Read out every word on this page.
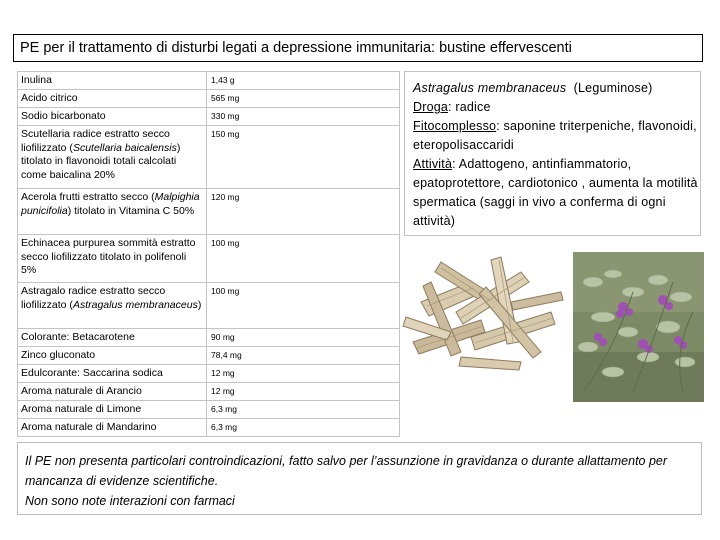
PE per il trattamento di disturbi legati a depressione immunitaria: bustine effervescenti
Inulina	1,43 g
Acido citrico	565 mg
Sodio bicarbonato	330 mg
Scutellaria radice estratto secco liofilizzato (Scutellaria baicalensis) titolato in flavonoidi totali calcolati come baicalina 20%	150 mg
Acerola frutti estratto secco (Malpighia punicifolia) titolato in Vitamina C 50%	120 mg
Echinacea purpurea sommità estratto secco liofilizzato titolato in polifenoli 5%	100 mg
Astragalo radice estratto secco liofilizzato (Astragalus membranaceus)	100 mg
Colorante: Betacarotene	90 mg
Zinco gluconato	78,4 mg
Edulcorante: Saccarina sodica	12 mg
Aroma naturale di Arancio	12 mg
Aroma naturale di Limone	6,3 mg
Aroma naturale di Mandarino	6,3 mg
Astragalus membranaceus (Leguminose)
Droga: radice
Fitocomplesso: saponine triterpeniche, flavonoidi, eteropolisaccaridi
Attività: Adattogeno, antinfiammatorio, epatoprotettore, cardiotonico , aumenta la motilità spermatica (saggi in vivo a conferma di ogni attività)
Il PE non presenta particolari controindicazioni, fatto salvo per l’assunzione in gravidanza o durante allattamento per mancanza di evidenze scientifiche.
Non sono note interazioni con farmaci
